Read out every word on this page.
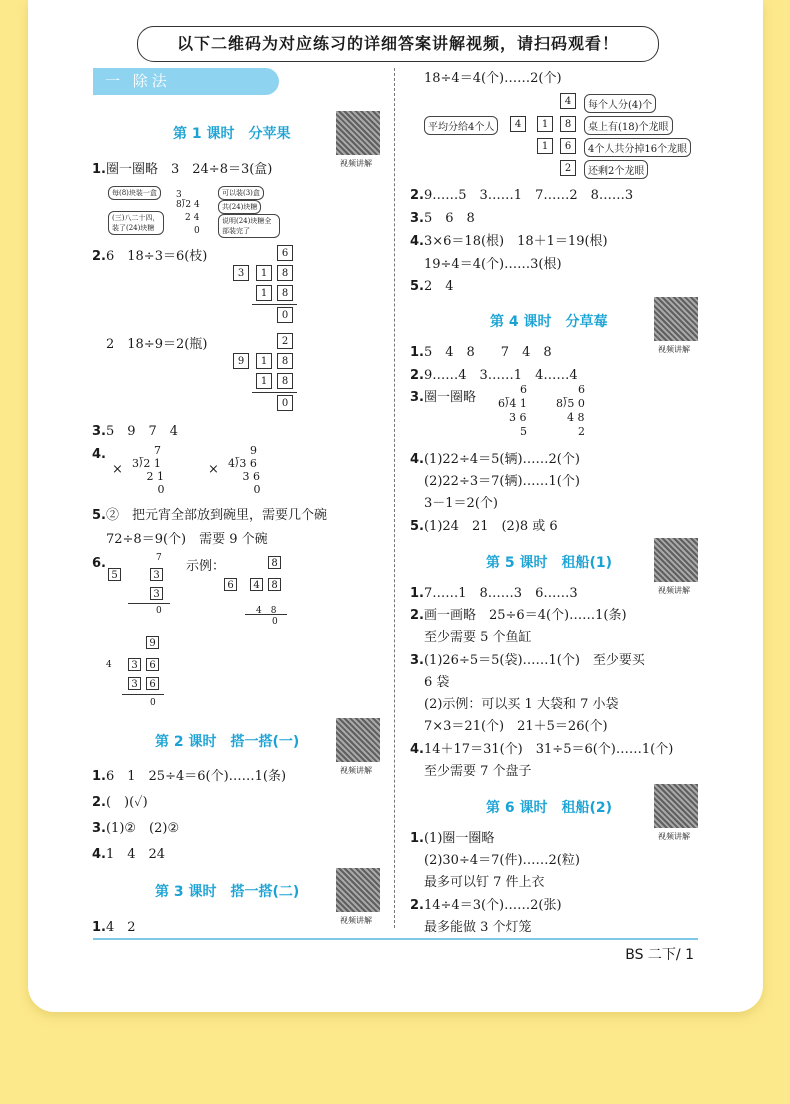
以下二维码为对应练习的详细答案讲解视频，请扫码观看！
一 除法
第 1 课时　分苹果
视频讲解
1.圈一圈略　3　24÷8＝3(盒)
每(8)块装一盒	可以装(3)盒
共(24)块糖
(三)八二十四，装了(24)块糖
说明(24)块糖全部装完了
3
8⟌2 4
　2 4
　　0
2.6　18÷3＝6(枝)	6
3	1	8
1	8
0
2　18÷9＝2(瓶)	2
9	1	8
1	8
0
3.5　9　7　4
4.
×
　　7
3⟌2 1
　 2 1
　　 0
×
　　9
4⟌3 6
　 3 6
　　 0
5.②　把元宵全部放到碗里，需要几个碗
72÷8＝9(个)　需要 9 个碗
6.	7
5	3
3
0
示例：	8
6	4	8
4　8
0
9
4	3	6
3	6
0
第 2 课时　搭一搭(一)
视频讲解
1.6　1　25÷4＝6(个)……1(条)
2.(　)(✓)
3.(1)②　(2)②
4.1　4　24
第 3 课时　搭一搭(二)
视频讲解
1.4　2
18÷4＝4(个)……2(个)
平均分给4个人	4	1
4
8
1	6
2
每个人分(4)个
桌上有(18)个龙眼
4个人共分掉16个龙眼
还剩2个龙眼
2.9……5　3……1　7……2　8……3
3.5　6　8
4.3×6＝18(根)　18＋1＝19(根)
19÷4＝4(个)……3(根)
5.2　4
第 4 课时　分草莓
视频讲解
1.5　4　8　　7　4　8
2.9……4　3……1　4……4
3.圈一圈略
　　6
6⟌4 1
　3 6
　　5
　　6
8⟌5 0
　4 8
　　2
4.(1)22÷4＝5(辆)……2(个)
(2)22÷3＝7(辆)……1(个)
3－1＝2(个)
5.(1)24　21　(2)8 或 6
第 5 课时　租船(1)
视频讲解
1.7……1　8……3　6……3
2.画一画略　25÷6＝4(个)……1(条)
至少需要 5 个鱼缸
3.(1)26÷5＝5(袋)……1(个)　至少要买
6 袋
(2)示例：可以买 1 大袋和 7 小袋
7×3＝21(个)　21＋5＝26(个)
4.14＋17＝31(个)　31÷5＝6(个)……1(个)
至少需要 7 个盘子
第 6 课时　租船(2)
视频讲解
1.(1)圈一圈略
(2)30÷4＝7(件)……2(粒)
最多可以钉 7 件上衣
2.14÷4＝3(个)……2(张)
最多能做 3 个灯笼
BS 二下/ 1
